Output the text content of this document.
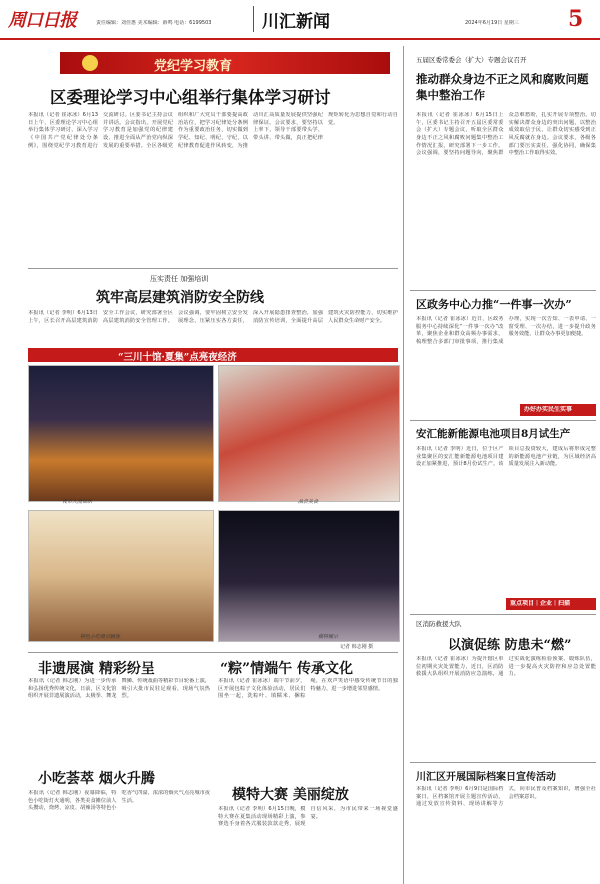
周口日报	责任编辑：刘佳惠 美术编辑：薛鸣 电话：6199503	川汇新闻	2024年6月19日 星期三	5
党纪学习教育
区委理论学习中心组举行集体学习研讨
本报讯（记者 崔冰冰）6月13日上午，区委理论学习中心组举行集体学习研讨，深入学习《中国共产党纪律处分条例》，围绕党纪学习教育进行交流研讨。区委书记主持会议并讲话。会议指出，开展党纪学习教育是加强党的纪律建设、推进全面从严治党向纵深发展的重要举措。全区各级党组织和广大党员干部要提高政治站位，把学习纪律处分条例作为重要政治任务，切实做到学纪、知纪、明纪、守纪，以纪律教育促进作风转变，为推动川汇高质量发展提供坚强纪律保证。会议要求，要坚持以上率下，领导干部要带头学、带头讲、带头做，真正把纪律规矩转化为思想自觉和行动自觉。
五届区委常委会（扩大）专题会议召开
推动群众身边不正之风和腐败问题集中整治工作
本报讯（记者 崔冰冰）6月15日上午，区委书记主持召开五届区委常委会（扩大）专题会议，听取全区群众身边不正之风和腐败问题集中整治工作情况汇报，研究部署下一步工作。会议强调，要坚持问题导向，聚焦群众急难愁盼，扎实开展专项整治，切实解决群众身边的突出问题，以整治成效取信于民，让群众切实感受到正风反腐就在身边。会议要求，各级各部门要压实责任，强化协同，确保集中整治工作取得实效。
压实责任 加强培训
筑牢高层建筑消防安全防线
本报讯（记者 李明）6月13日上午，区长召开高层建筑消防安全工作会议，研究部署全区高层建筑消防安全管理工作。会议强调，要牢固树立安全发展理念，压紧压实各方责任，深入开展隐患排查整治，加强消防宣传培训，全面提升高层建筑火灾防控能力，切实维护人民群众生命财产安全。
“三川十馆·夏集”点亮夜经济
夜市人流如织	品尝美食
特色小吃吸引顾客	模特展示
记者 韩志刚 摄
区政务中心力推“一件事一次办”
本报讯（记者 崔冰冰）近日，区政务服务中心持续深化“一件事一次办”改革，聚焦企业和群众高频办事需求，梳理整合多部门审批事项，推行集成办理，实现一次告知、一表申请、一窗受理、一次办结，进一步提升政务服务效能，让群众办事更加便捷。
办好办实民生实事
安汇能新能源电池项目8月试生产
本报讯（记者 李明）近日，位于区产业集聚区的安汇能新能源电池项目建设正加紧推进，预计8月份试生产。该项目总投资较大，建成后将形成完整的新能源电池产业链，为区域经济高质量发展注入新动能。
重点项目｜企业｜扫描
非遗展演 精彩纷呈
本报讯（记者 韩志刚）为进一步传承和弘扬优秀传统文化，日前，区文化馆组织开展非遗展演活动，太极拳、舞龙舞狮、传统戏曲等精彩节目轮番上演，吸引大批市民驻足观看，现场气氛热烈。
“粽”情端午 传承文化
本报讯（记者 崔冰冰）端午节前夕，区开展包粽子文化体验活动，居民们围坐一起，洗粽叶、填糯米、捆粽绳，在欢声笑语中感受传统节日的独特魅力，进一步增进邻里感情。
小吃荟萃 烟火升腾
本报讯（记者 韩志刚）夜幕降临，特色小吃街灯火通明，各类美食摊位前人头攒动，烧烤、凉皮、胡辣汤等特色小吃香气四溢，浓浓的烟火气点亮城市夜生活。	模特大赛 美丽绽放
本报讯（记者 李明）6月15日晚，模特大赛在夏集活动现场精彩上演，参赛选手身着各式服装款款走秀，展现自信风采，为市民带来一场视觉盛宴。
区消防救援大队
以演促练 防患未“燃”
本报讯（记者 崔冰冰）为提升辖区单位初期火灾处置能力，近日，区消防救援大队组织开展消防应急演练，通过实战化演练检验预案、锻炼队伍，进一步提高火灾防控和应急处置能力。
川汇区开展国际档案日宣传活动
本报讯（记者 李明）6月9日是国际档案日，区档案馆开展主题宣传活动，通过发放宣传资料、现场讲解等方式，向市民普及档案知识，增强全社会档案意识。
